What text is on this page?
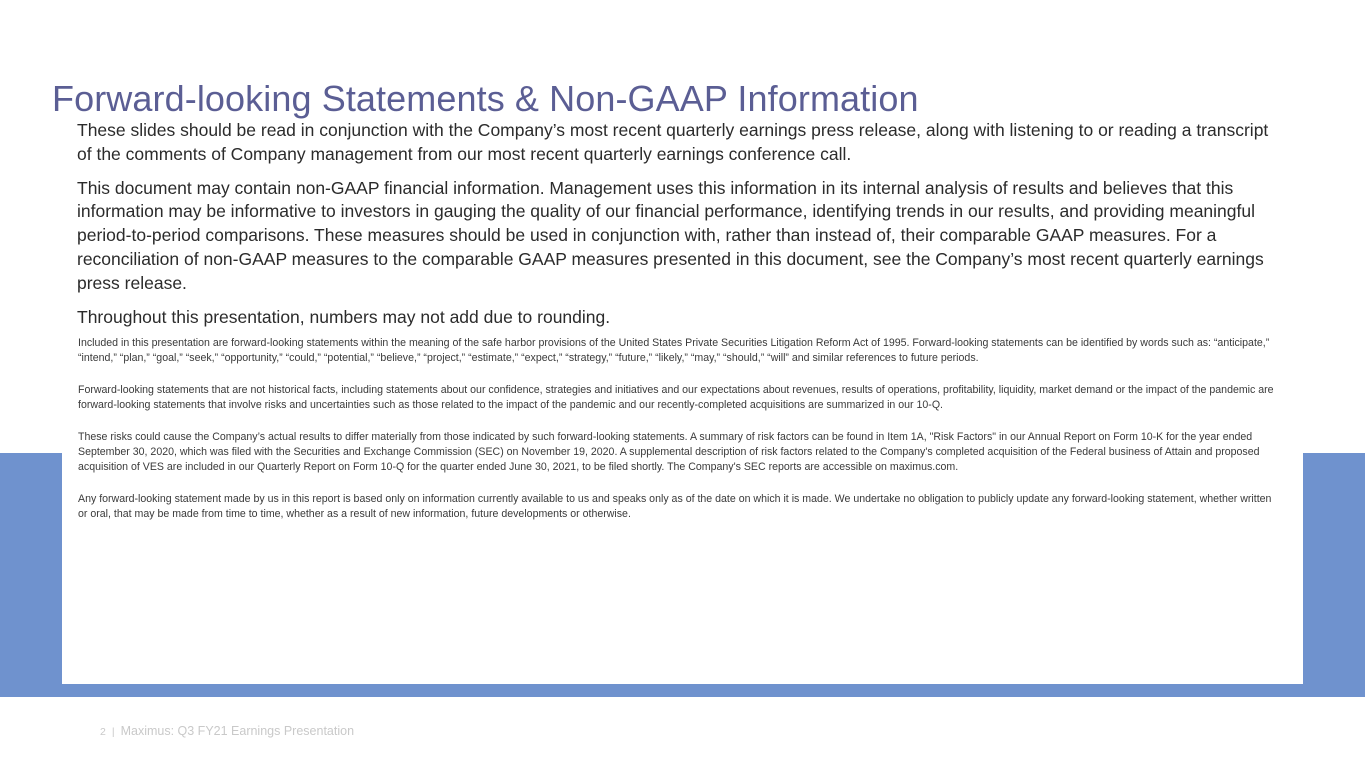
Forward-looking Statements & Non-GAAP Information

These slides should be read in conjunction with the Company’s most recent quarterly earnings press release, along with listening to or reading a transcript of the comments of Company management from our most recent quarterly earnings conference call.

This document may contain non-GAAP financial information. Management uses this information in its internal analysis of results and believes that this information may be informative to investors in gauging the quality of our financial performance, identifying trends in our results, and providing meaningful period-to-period comparisons. These measures should be used in conjunction with, rather than instead of, their comparable GAAP measures. For a reconciliation of non-GAAP measures to the comparable GAAP measures presented in this document, see the Company’s most recent quarterly earnings press release.

Throughout this presentation, numbers may not add due to rounding.

Included in this presentation are forward-looking statements within the meaning of the safe harbor provisions of the United States Private Securities Litigation Reform Act of 1995. Forward-looking statements can be identified by words such as: “anticipate,” “intend,” “plan,” “goal,” “seek,” “opportunity,” “could,” “potential,” “believe,” “project,” “estimate,” “expect,” “strategy,” “future,” “likely,” “may,” “should,” “will” and similar references to future periods.

Forward-looking statements that are not historical facts, including statements about our confidence, strategies and initiatives and our expectations about revenues, results of operations, profitability, liquidity, market demand or the impact of the pandemic are forward-looking statements that involve risks and uncertainties such as those related to the impact of the pandemic and our recently-completed acquisitions are summarized in our 10-Q.

These risks could cause the Company’s actual results to differ materially from those indicated by such forward-looking statements. A summary of risk factors can be found in Item 1A, "Risk Factors" in our Annual Report on Form 10-K for the year ended September 30, 2020, which was filed with the Securities and Exchange Commission (SEC) on November 19, 2020. A supplemental description of risk factors related to the Company's completed acquisition of the Federal business of Attain and proposed acquisition of VES are included in our Quarterly Report on Form 10-Q for the quarter ended June 30, 2021, to be filed shortly. The Company's SEC reports are accessible on maximus.com.

Any forward-looking statement made by us in this report is based only on information currently available to us and speaks only as of the date on which it is made. We undertake no obligation to publicly update any forward-looking statement, whether written or oral, that may be made from time to time, whether as a result of new information, future developments or otherwise.

2 | Maximus: Q3 FY21 Earnings Presentation
